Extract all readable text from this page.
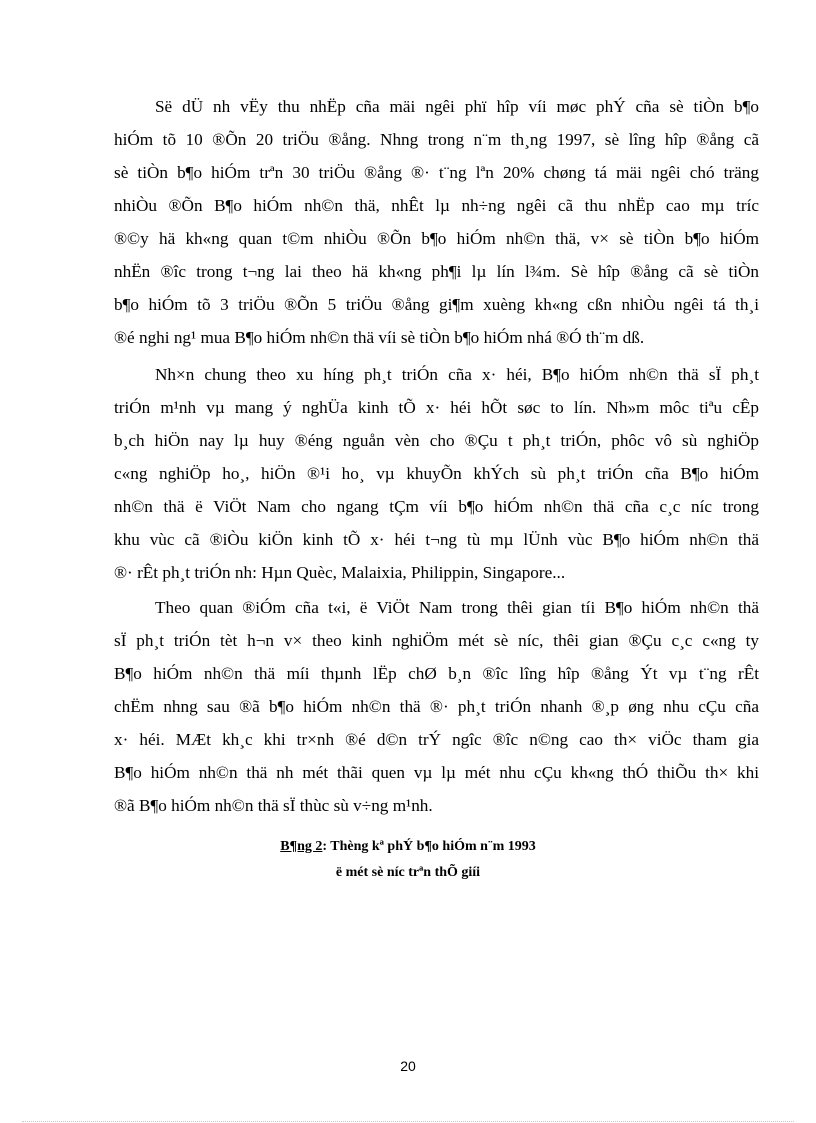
Së dÜ nh vËy thu nhËp cña mäi ngêi phï hîp víi møc phÝ cña sè tiÒn b¶o
hiÓm tõ 10 ®Õn 20 triÖu ®ång. Nhng trong n¨m th¸ng 1997, sè lîng hîp ®ång cã
sè tiÒn b¶o hiÓm trªn 30 triÖu ®ång ®· t¨ng lªn 20% chøng tá mäi ngêi chó träng
nhiÒu ®Õn B¶o hiÓm nh©n thä, nhÊt lµ nh÷ng ngêi cã thu nhËp cao mµ tríc
®©y hä kh«ng quan t©m nhiÒu ®Õn b¶o hiÓm nh©n thä, v× sè tiÒn b¶o hiÓm
nhËn ®îc trong t¬ng lai theo hä kh«ng ph¶i lµ lín l¾m. Sè hîp ®ång cã sè tiÒn
b¶o hiÓm tõ 3 triÖu ®Õn 5 triÖu ®ång gi¶m xuèng kh«ng cßn nhiÒu ngêi tá th¸i
®é nghi ng¹ mua B¶o hiÓm nh©n thä víi sè tiÒn b¶o hiÓm nhá ®Ó th¨m dß.
Nh×n chung theo xu híng ph¸t triÓn cña x· héi, B¶o hiÓm nh©n thä sÏ ph¸t
triÓn m¹nh vµ mang ý nghÜa kinh tÕ x· héi hÕt søc to lín. Nh»m môc tiªu cÊp
b¸ch hiÖn nay lµ huy ®éng nguån vèn cho ®Çu t ph¸t triÓn, phôc vô sù nghiÖp
c«ng nghiÖp ho¸, hiÖn ®¹i ho¸ vµ khuyÕn khÝch sù ph¸t triÓn cña B¶o hiÓm
nh©n thä ë ViÖt Nam cho ngang tÇm víi b¶o hiÓm nh©n thä cña c¸c níc trong
khu vùc cã ®iÒu kiÖn kinh tÕ x· héi t¬ng tù mµ lÜnh vùc B¶o hiÓm nh©n thä
®· rÊt ph¸t triÓn nh: Hµn Quèc, Malaixia, Philippin, Singapore...
Theo quan ®iÓm cña t«i, ë ViÖt Nam trong thêi gian tíi B¶o hiÓm nh©n thä
sÏ ph¸t triÓn tèt h¬n v× theo kinh nghiÖm mét sè níc, thêi gian ®Çu c¸c c«ng ty
B¶o hiÓm nh©n thä míi thµnh lËp chØ b¸n ®îc lîng hîp ®ång Ýt vµ t¨ng rÊt
chËm nhng sau ®ã b¶o hiÓm nh©n thä ®· ph¸t triÓn nhanh ®¸p øng nhu cÇu cña
x· héi. MÆt kh¸c khi tr×nh ®é d©n trÝ ngîc ®îc n©ng cao th× viÖc tham gia
B¶o hiÓm nh©n thä nh mét thãi quen vµ lµ mét nhu cÇu kh«ng thÓ thiÕu th× khi
®ã B¶o hiÓm nh©n thä sÏ thùc sù v÷ng m¹nh.
B¶ng 2: Thèng kª phÝ b¶o hiÓm n¨m 1993
ë mét sè níc trªn thÕ giíi
20
